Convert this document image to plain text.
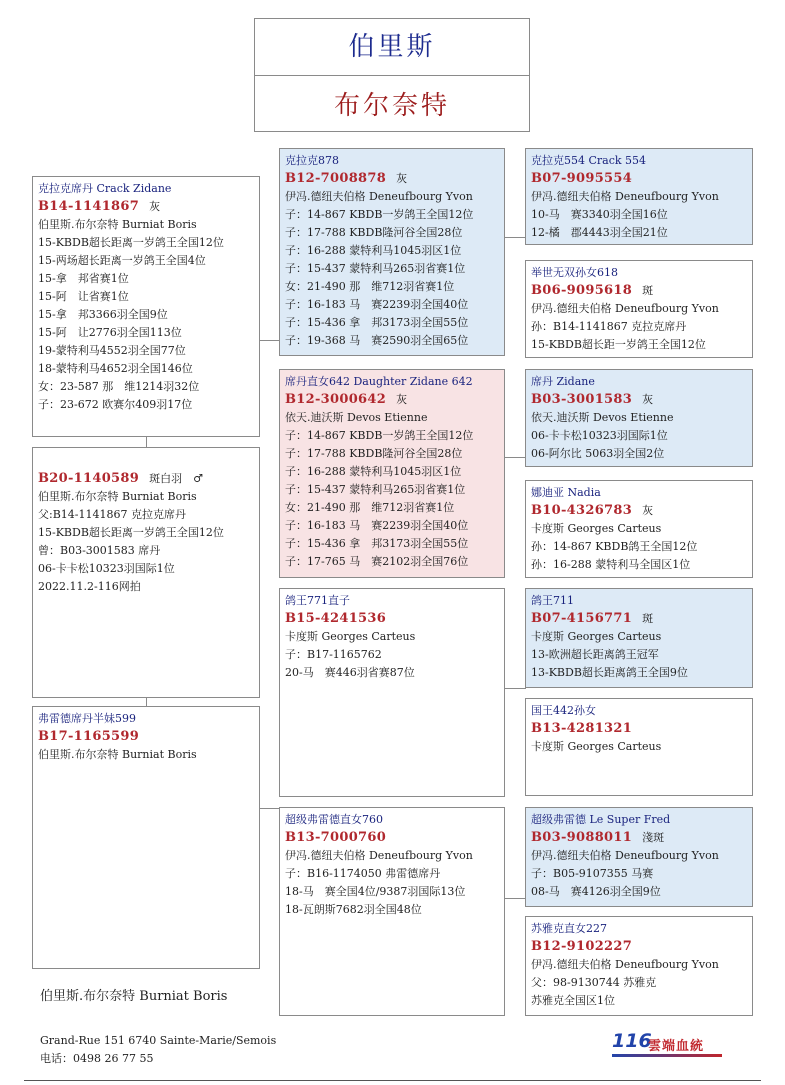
伯里斯
布尔奈特
克拉克席丹 Crack Zidane
B14-1141867 灰
伯里斯.布尔奈特 Burniat Boris
15-KBDB超长距离一岁鸽王全国12位
15-两场超长距离一岁鸽王全国4位
15-拿　邦省赛1位
15-阿　让省赛1位
15-拿　邦3366羽全国9位
15-阿　让2776羽全国113位
19-蒙特利马4552羽全国77位
18-蒙特利马4652羽全国146位
女：23-587 那　维1214羽32位
子：23-672 欧赛尔409羽17位
B20-1140589 斑白羽　♂
伯里斯.布尔奈特 Burniat Boris
父:B14-1141867 克拉克席丹
15-KBDB超长距离一岁鸽王全国12位
曾：B03-3001583 席丹
06-卡卡松10323羽国际1位
2022.11.2-116网拍
弗雷德席丹半妹599
B17-1165599
伯里斯.布尔奈特 Burniat Boris
克拉克878
B12-7008878 灰
伊冯.德纽夫伯格 Deneufbourg Yvon
子：14-867 KBDB一岁鸽王全国12位
子：17-788 KBDB隆河谷全国28位
子：16-288 蒙特利马1045羽区1位
子：15-437 蒙特利马265羽省赛1位
女：21-490 那　维712羽省赛1位
子：16-183 马　赛2239羽全国40位
子：15-436 拿　邦3173羽全国55位
子：19-368 马　赛2590羽全国65位
席丹直女642 Daughter Zidane 642
B12-3000642 灰
依天.迪沃斯 Devos Etienne
子：14-867 KBDB一岁鸽王全国12位
子：17-788 KBDB隆河谷全国28位
子：16-288 蒙特利马1045羽区1位
子：15-437 蒙特利马265羽省赛1位
女：21-490 那　维712羽省赛1位
子：16-183 马　赛2239羽全国40位
子：15-436 拿　邦3173羽全国55位
子：17-765 马　赛2102羽全国76位
鸽王771直子
B15-4241536
卡度斯 Georges Carteus
子：B17-1165762
20-马　赛446羽省赛87位
超级弗雷德直女760
B13-7000760
伊冯.德纽夫伯格 Deneufbourg Yvon
子：B16-1174050 弗雷德席丹
18-马　赛全国4位/9387羽国际13位
18-瓦朗斯7682羽全国48位
克拉克554 Crack 554
B07-9095554
伊冯.德纽夫伯格 Deneufbourg Yvon
10-马　赛3340羽全国16位
12-橘　郡4443羽全国21位
举世无双孙女618
B06-9095618 斑
伊冯.德纽夫伯格 Deneufbourg Yvon
孙：B14-1141867 克拉克席丹
15-KBDB超长距一岁鸽王全国12位
席丹 Zidane
B03-3001583 灰
依天.迪沃斯 Devos Etienne
06-卡卡松10323羽国际1位
06-阿尔比 5063羽全国2位
娜迪亚 Nadia
B10-4326783 灰
卡度斯 Georges Carteus
孙：14-867 KBDB鸽王全国12位
孙：16-288 蒙特利马全国区1位
鸽王711
B07-4156771 斑
卡度斯 Georges Carteus
13-欧洲超长距离鸽王冠军
13-KBDB超长距离鸽王全国9位
国王442孙女
B13-4281321
卡度斯 Georges Carteus
超级弗雷德 Le Super Fred
B03-9088011 淺斑
伊冯.德纽夫伯格 Deneufbourg Yvon
子：B05-9107355 马赛
08-马　赛4126羽全国9位
苏雅克直女227
B12-9102227
伊冯.德纽夫伯格 Deneufbourg Yvon
父：98-9130744 苏雅克
苏雅克全国区1位
伯里斯.布尔奈特 Burniat Boris
Grand-Rue 151 6740 Sainte-Marie/Semois
电话：0498 26 77 55
116
雲端血統
